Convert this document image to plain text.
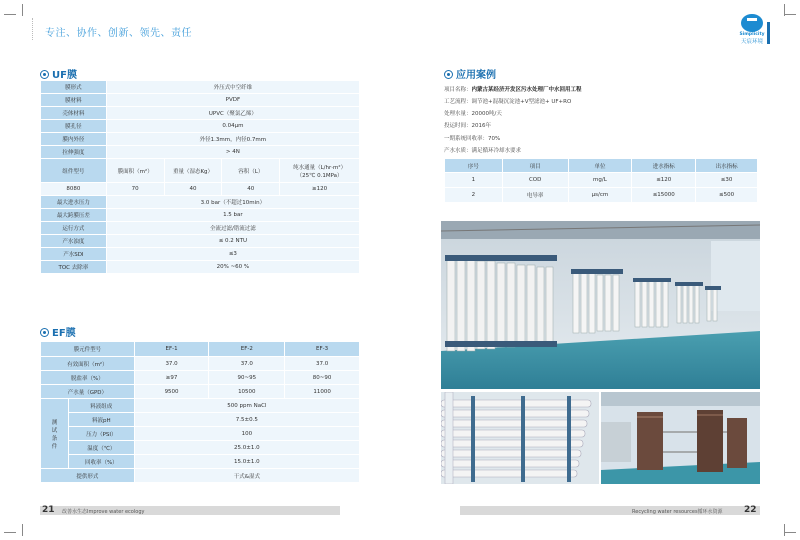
专注、协作、创新、领先、责任	Simplicity
天宸环境
UF膜
膜形式	外压式中空纤维			
膜材料	PVDF			
壳体材料	UPVC（聚氯乙烯）			
膜孔径	0.04μm			
膜内外径	外径1.3mm，内径0.7mm			
拉伸强度	> 4N			
组件型号	膜面积（m²）	重量（湿态Kg）	容积（L）	纯水通量（L/hr·m²）
（25℃ 0.1MPa）

8080	70	40	40	≥120
最大进水压力	3.0 bar（不超过10min）			
最大跨膜压差	1.5 bar			
运行方式	全流过滤/错流过滤			
产水浊度	≤ 0.2 NTU			
产水SDI	≤3			
TOC 去除率	20% ~60 %			
EF膜
膜元件型号		EF-1	EF-2	EF-3
有效面积（m²）		37.0	37.0	37.0
脱盐率（%）		≥97	90~95	80~90
产水量（GPD）		9500	10500	11000

测
试
条
件	料液组成	500 ppm NaCl		
	料液pH	7.5±0.5		
	压力（PSI）	100		
	温度（℃）	25.0±1.0		
	回收率（%）	15.0±1.0		
提供形式		干式&湿式		
应用案例
项目名称：内蒙古某经济开发区污水处理厂中水回用工程
工艺流程：调节池+混凝沉淀池+V型滤池+ UF+RO
处理水量：20000吨/天
投运时间：2016年
一期系统回收率：70%
产水水质：满足循环冷却水要求
序号	项目	单位	进水指标	出水指标
1	COD	mg/L	≤120	≤30
2	电导率	μs/cm	≤15000	≤500
21 改善水生态Improve water ecology	Recycling water resources循环水资源 22
